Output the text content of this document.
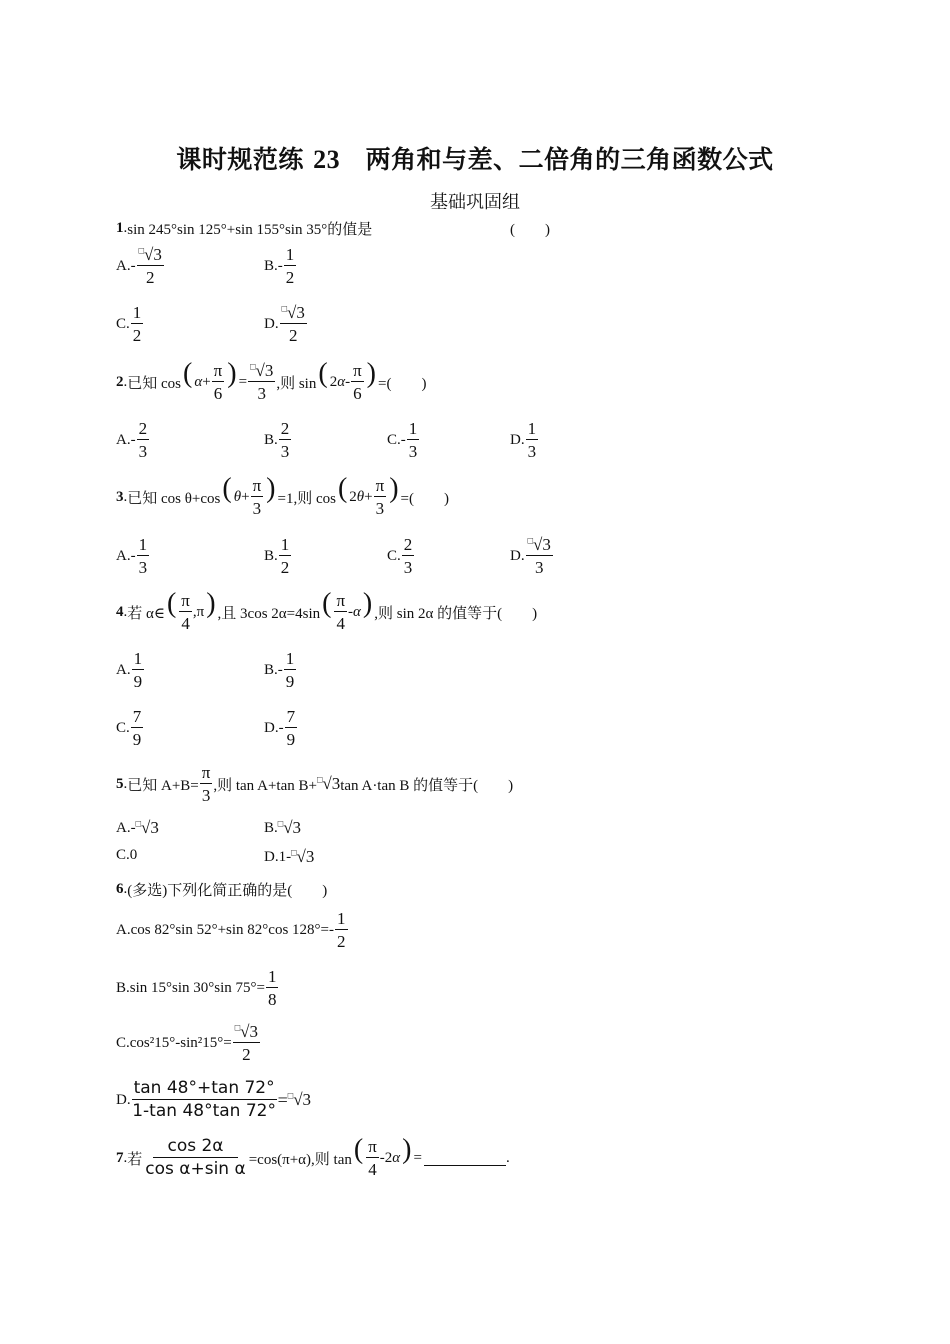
课时规范练 23　 两角和与差、二倍角的三角函数公式
基础巩固组
1 . sin 245°sin 125°+sin 155°sin 35°的值是	(　　)
$A.- \frac{^□√3}{2}$	$B.- \frac{1}{2}$
C. $\frac{1}{2}$	D. $\frac{^□√3}{2}$
2 . 已知 cos ( $\alpha + \frac{\pi}{6}$ ) = $\frac{^□√3}{3}$ ,则 sin ( 2 α - $\frac{\pi}{6}$ ) =(　　)
$A.- \frac{2}{3}$	B. $\frac{2}{3}$	$C.- \frac{1}{3}$	D. $\frac{1}{3}$
3 . 已知 cos θ+cos ( $\theta + \frac{\pi}{3}$ ) =1,则 cos ( 2 $\theta + \frac{\pi}{3}$ ) =(　　)
$A.- \frac{1}{3}$	B. $\frac{1}{2}$	C. $\frac{2}{3}$	D. $\frac{^□√3}{3}$
4 . 若 α∈ ( $\frac{\pi}{4} ,\pi$ ) ,且 3cos 2α=4sin ( $\frac{\pi}{4}$ - α ) ,则 sin 2α 的值等于(　　)
A. $\frac{1}{9}$	$B.- \frac{1}{9}$
C. $\frac{7}{9}$	$D.- \frac{7}{9}$
5 . 已知 $A+B= \frac{\pi}{3}$ ,则 tan A+tan B+ □√3 tan A·tan B 的值等于(　　)
A.- □√3	B. □√3
C.0	D.1- □√3
6 . (多选)下列化简正确的是(　　)
A.cos 82°sin 52°+sin 82°cos $128^\circ=- \frac{1}{2}$
B.sin 15°sin 30°sin $75^\circ= \frac{1}{8}$
$C.\cos^215^\circ-\sin^215^\circ= \frac{^□√3}{2}$
D. $\frac{\tan 48^\circ+\tan 72^\circ}{1-\tan 48^\circ\tan 72^\circ} = ^□√3$
7 . 若 $\frac{\cos 2\alpha}{\text{cos α+sin α}} =\cos(\pi+\alpha)$,则 tan ( $\frac{\pi}{4} -2$ α ) =	.
